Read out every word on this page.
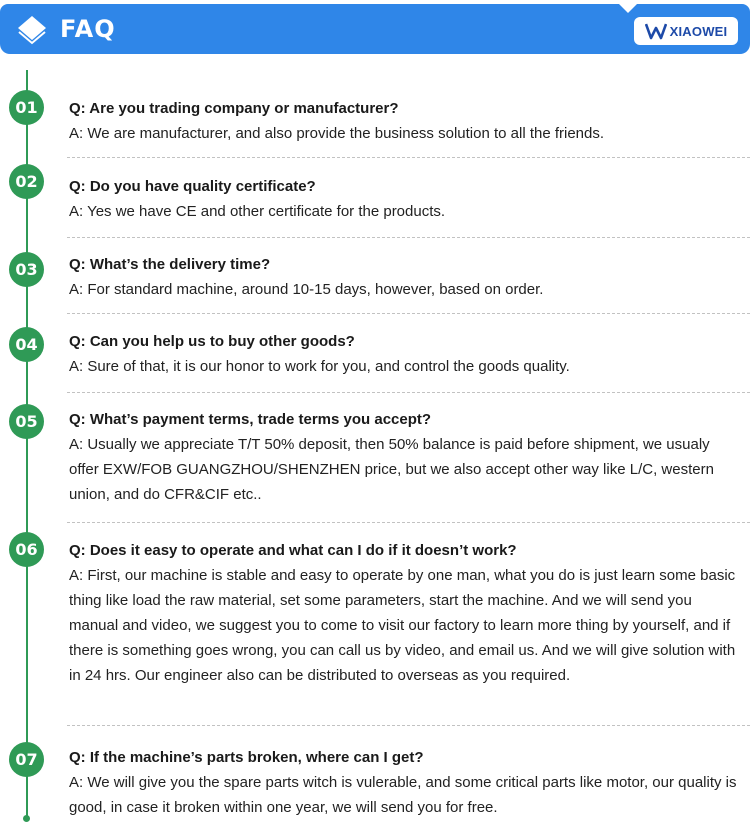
FAQ	XIAOWEI
01	Q: Are you trading company or manufacturer?
A: We are manufacturer, and also provide the business solution to all the friends.
02	Q: Do you have quality certificate?
A: Yes we have CE and other certificate for the products.
03	Q: What’s the delivery time?
A: For standard machine, around 10-15 days, however, based on order.
04	Q: Can you help us to buy other goods?
A: Sure of that, it is our honor to work for you, and control the goods quality.
05	Q: What’s payment terms, trade terms you accept?
A: Usually we appreciate T/T 50% deposit, then 50% balance is paid before shipment, we usualy offer EXW/FOB GUANGZHOU/SHENZHEN price, but we also accept other way like L/C, western union, and do CFR&CIF etc..
06	Q: Does it easy to operate and what can I do if it doesn’t work?
A: First, our machine is stable and easy to operate by one man, what you do is just learn some basic thing like load the raw material, set some parameters, start the machine. And we will send you manual and video, we suggest you to come to visit our factory to learn more thing by yourself, and if there is something goes wrong, you can call us by video, and email us. And we will give solution with in 24 hrs. Our engineer also can be distributed to overseas as you required.
07	Q: If the machine’s parts broken, where can I get?
A: We will give you the spare parts witch is vulerable, and some critical parts like motor, our quality is good, in case it broken within one year, we will send you for free.
